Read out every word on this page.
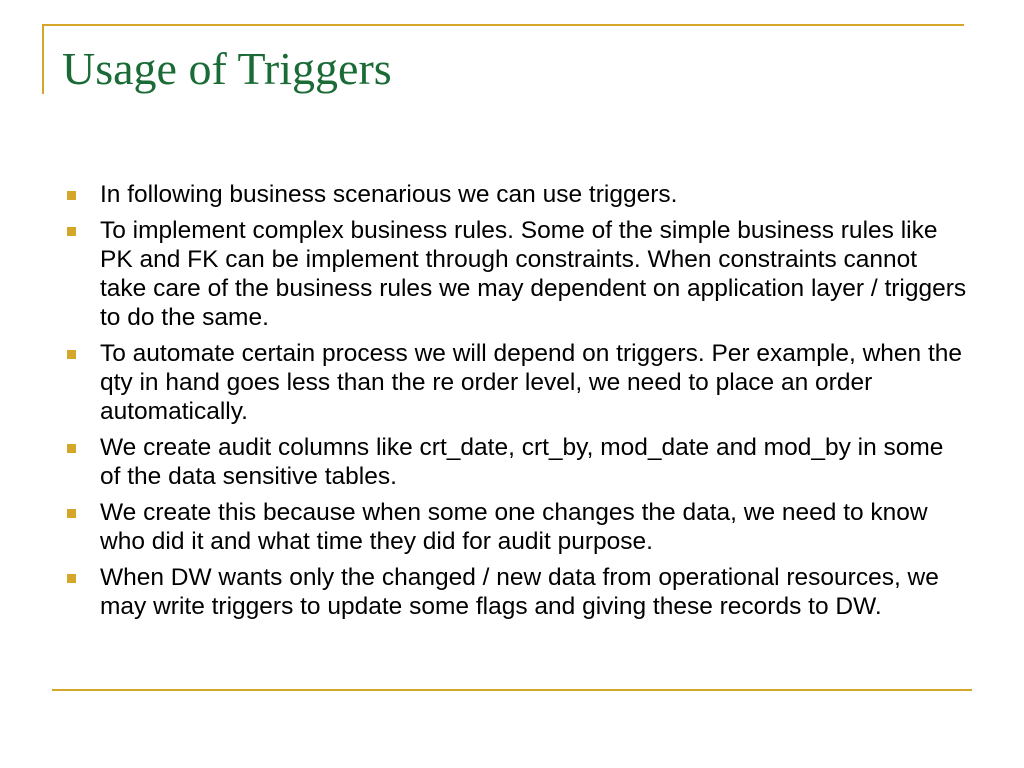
Usage of Triggers
In following business scenarious we can use triggers.
To implement complex business rules. Some of the simple business rules like PK and FK can be implement through constraints. When constraints cannot take care of the business rules we may dependent on application layer / triggers to do the same.
To automate certain process we will depend on triggers. Per example, when the qty in hand goes less than the re order level, we need to place an order automatically.
We create audit columns like crt_date, crt_by, mod_date and mod_by in some of the data sensitive tables.
We create this because when some one changes the data, we need to know who did it and what time they did for audit purpose.
When DW wants only the changed / new data from operational resources, we may write triggers to update some flags and giving these records to DW.
